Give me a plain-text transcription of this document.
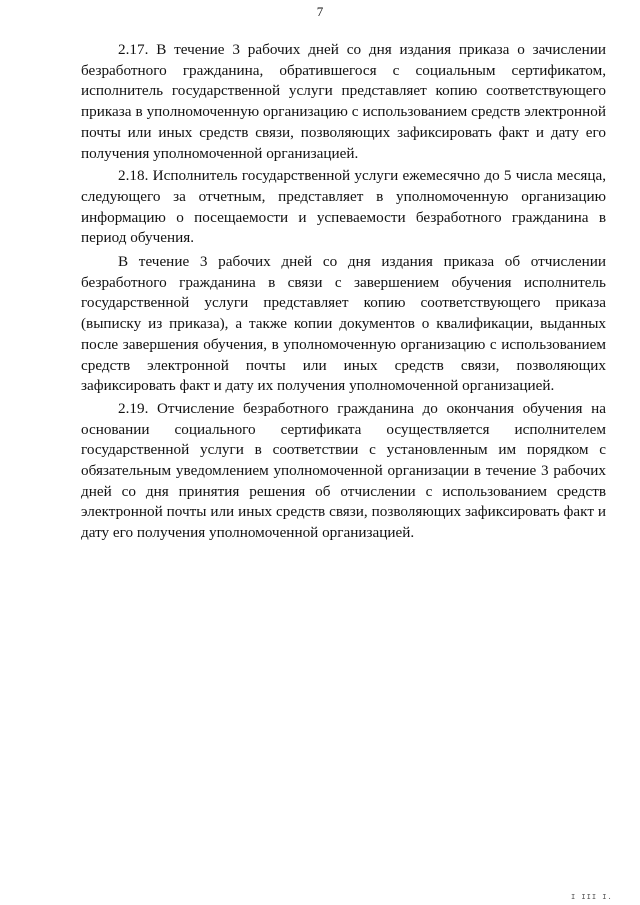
7

2.17. В течение 3 рабочих дней со дня издания приказа о зачислении безработного гражданина, обратившегося с социальным сертификатом, исполнитель государственной услуги представляет копию соответствующего приказа в уполномоченную организацию с использованием средств электронной почты или иных средств связи, позволяющих зафиксировать факт и дату его получения уполномоченной организацией.

2.18. Исполнитель государственной услуги ежемесячно до 5 числа месяца, следующего за отчетным, представляет в уполномоченную организацию информацию о посещаемости и успеваемости безработного гражданина в период обучения.

В течение 3 рабочих дней со дня издания приказа об отчислении безработного гражданина в связи с завершением обучения исполнитель государственной услуги представляет копию соответствующего приказа (выписку из приказа), а также копии документов о квалификации, выданных после завершения обучения, в уполномоченную организацию с использованием средств электронной почты или иных средств связи, позволяющих зафиксировать факт и дату их получения уполномоченной организацией.

2.19. Отчисление безработного гражданина до окончания обучения на основании социального сертификата осуществляется исполнителем государственной услуги в соответствии с установленным им порядком с обязательным уведомлением уполномоченной организации в течение 3 рабочих дней со дня принятия решения об отчислении с использованием средств электронной почты или иных средств связи, позволяющих зафиксировать факт и дату его получения уполномоченной организацией.

I III I.
